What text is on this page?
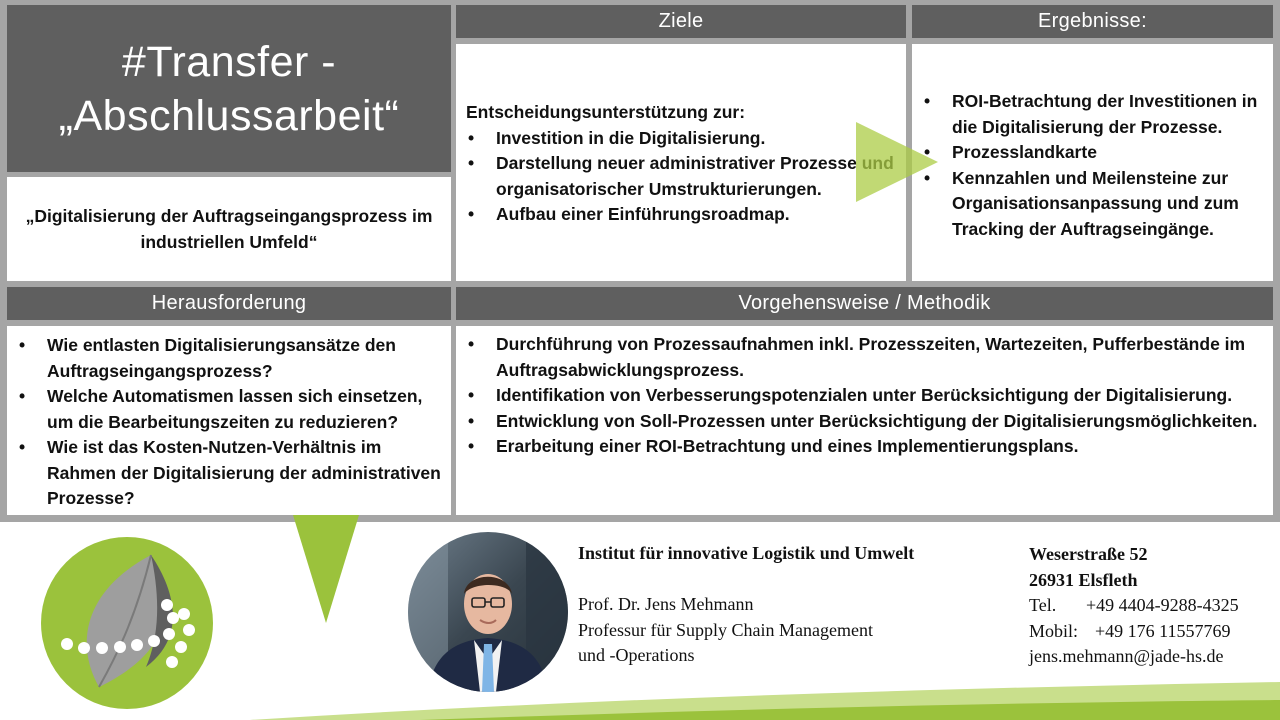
#Transfer -
„Abschlussarbeit“
„Digitalisierung der Auftragseingangsprozess im
industriellen Umfeld“
Ziele
Entscheidungsunterstützung zur:
• Investition in die Digitalisierung.
• Darstellung neuer administrativer Prozesse und organisatorischer Umstrukturierungen.
• Aufbau einer Einführungsroadmap.
Ergebnisse:
• ROI-Betrachtung der Investitionen in die Digitalisierung der Prozesse.
• Prozesslandkarte
• Kennzahlen und Meilensteine zur Organisationsanpassung und zum Tracking der Auftragseingänge.
Herausforderung
• Wie entlasten Digitalisierungsansätze den Auftragseingangsprozess?
• Welche Automatismen lassen sich einsetzen, um die Bearbeitungszeiten zu reduzieren?
• Wie ist das Kosten-Nutzen-Verhältnis im Rahmen der Digitalisierung der administrativen Prozesse?
Vorgehensweise / Methodik
• Durchführung von Prozessaufnahmen inkl. Prozesszeiten, Wartezeiten, Pufferbestände im Auftragsabwicklungsprozess.
• Identifikation von Verbesserungspotenzialen unter Berücksichtigung der Digitalisierung.
• Entwicklung von Soll-Prozessen unter Berücksichtigung der Digitalisierungsmöglichkeiten.
• Erarbeitung einer ROI-Betrachtung und eines Implementierungsplans.
Institut für innovative Logistik und Umwelt
Prof. Dr. Jens Mehmann
Professur für Supply Chain Management
und -Operations
Weserstraße 52
26931 Elsfleth
Tel. +49 4404-9288-4325
Mobil: +49 176 11557769
jens.mehmann@jade-hs.de
